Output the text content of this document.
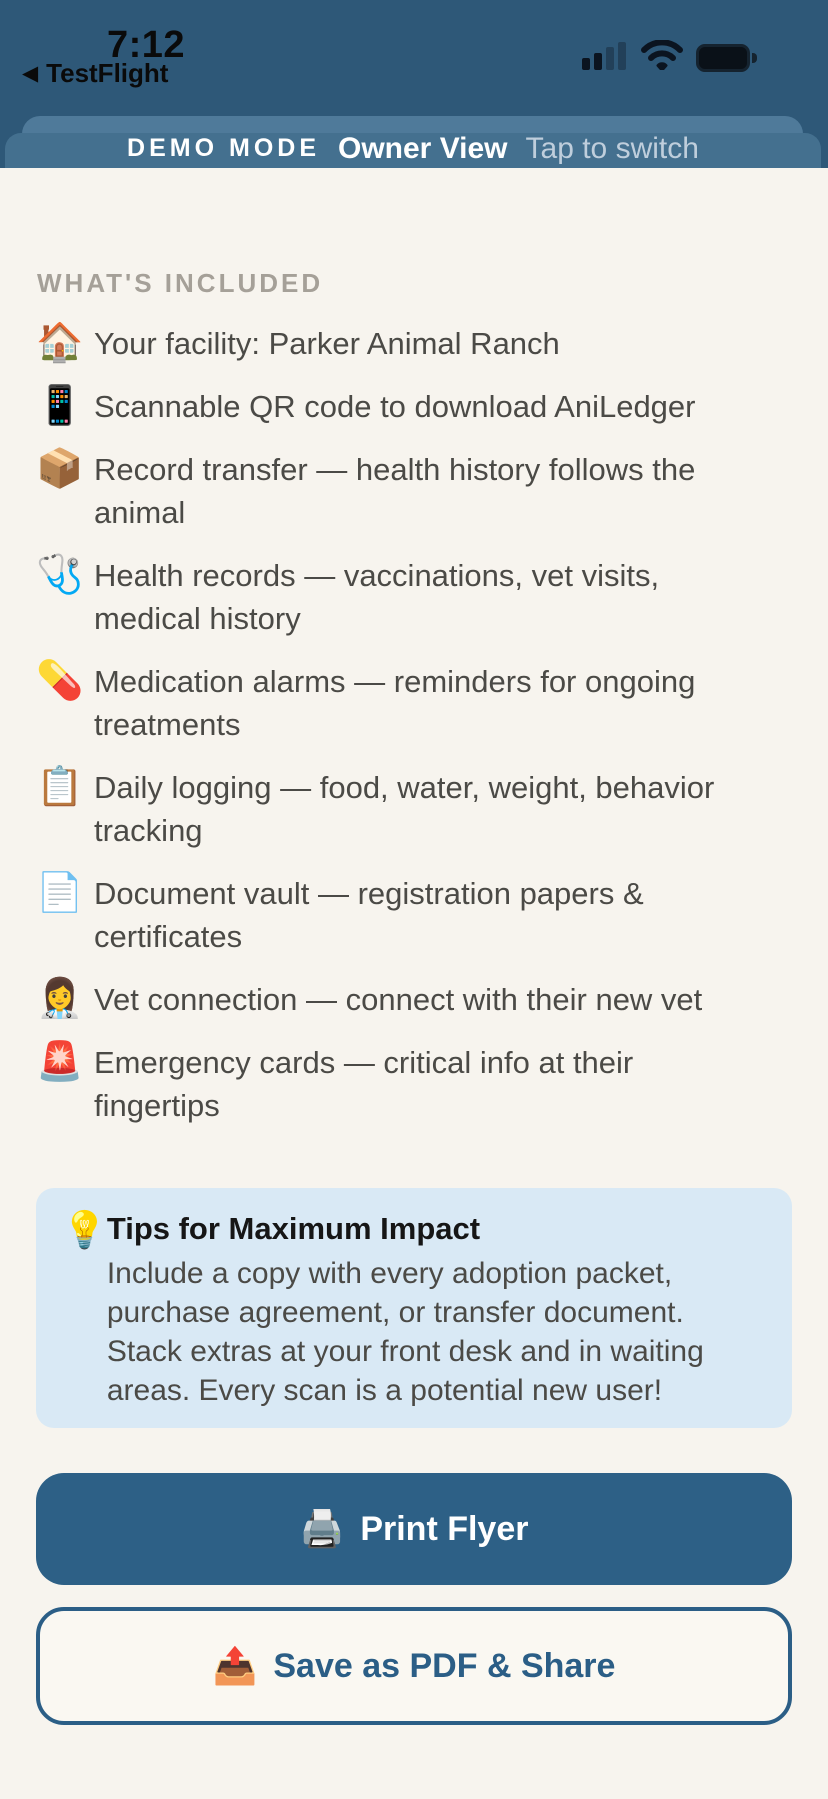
7:12
◀ TestFlight
DEMO MODE Owner View Tap to switch
WHAT'S INCLUDED
🏠 Your facility: Parker Animal Ranch
📱 Scannable QR code to download AniLedger
📦 Record transfer — health history follows the animal
🩺 Health records — vaccinations, vet visits, medical history
💊 Medication alarms — reminders for ongoing treatments
📋 Daily logging — food, water, weight, behavior tracking
📄 Document vault — registration papers & certificates
👩‍⚕️ Vet connection — connect with their new vet
🚨 Emergency cards — critical info at their fingertips
💡 Tips for Maximum Impact
Include a copy with every adoption packet, purchase agreement, or transfer document. Stack extras at your front desk and in waiting areas. Every scan is a potential new user!
🖨️ Print Flyer
📤 Save as PDF & Share
